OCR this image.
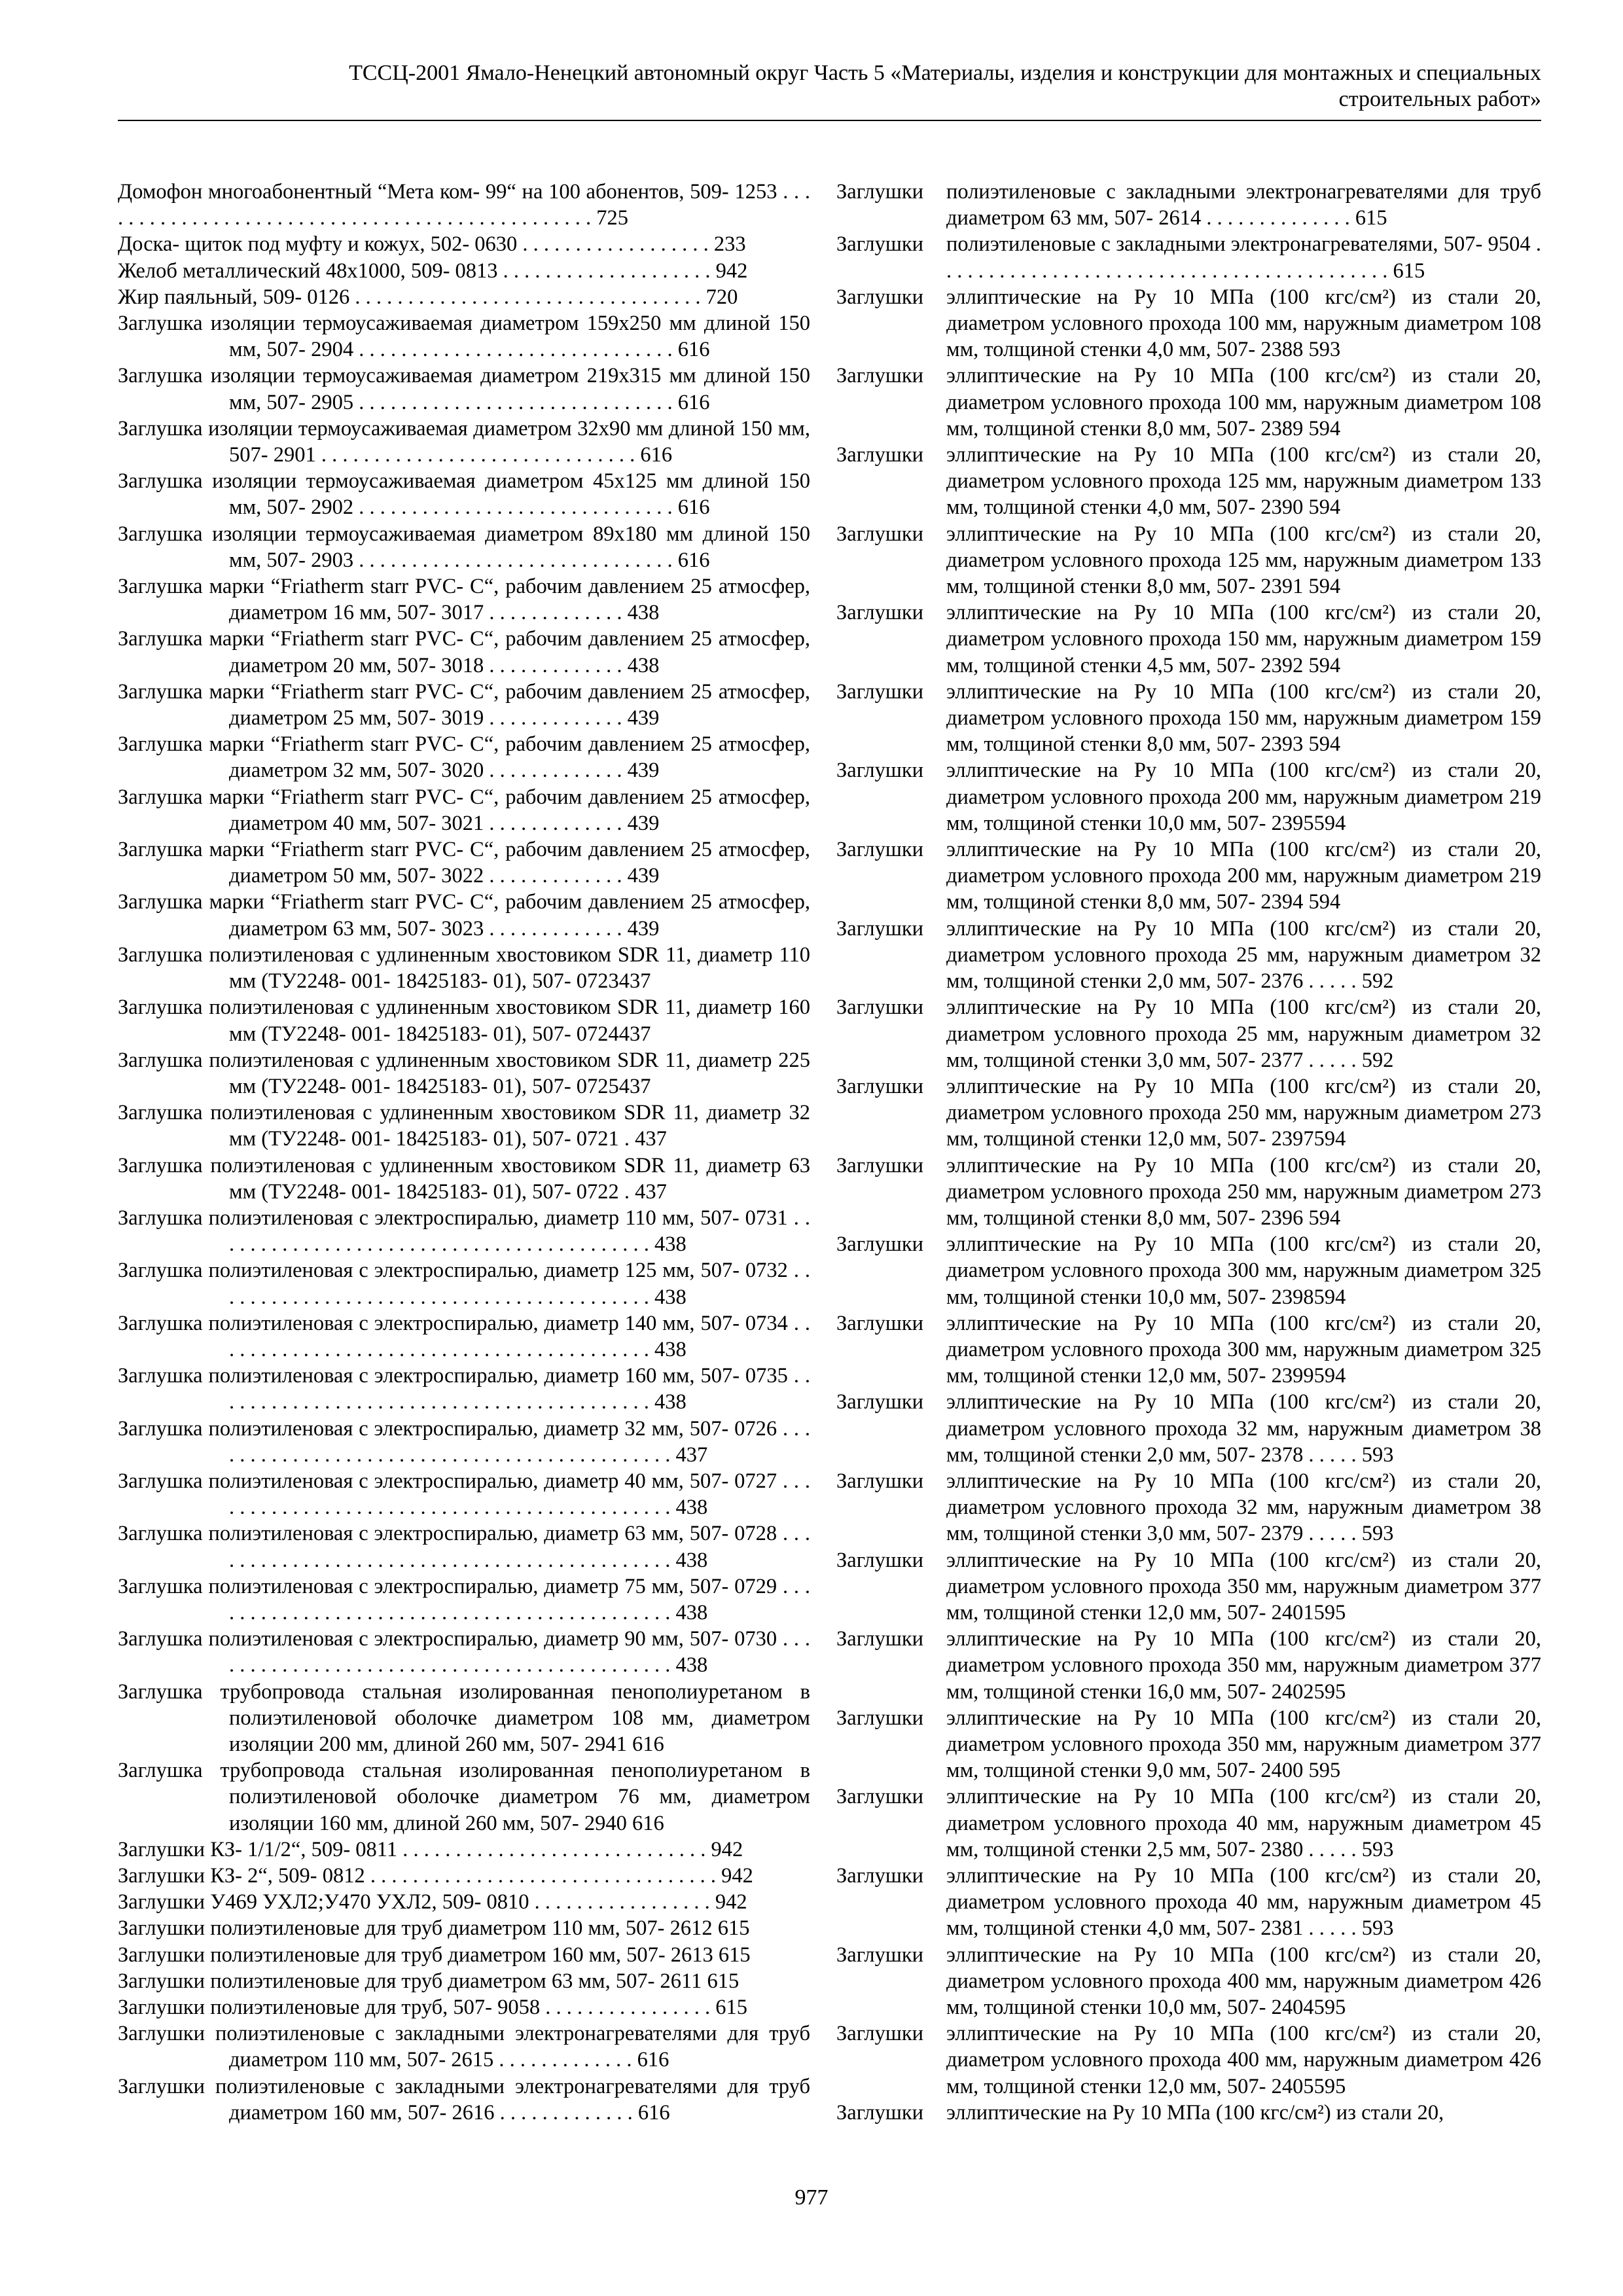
ТССЦ-2001 Ямало-Ненецкий автономный округ Часть 5 «Материалы, изделия и конструкции для монтажных и специальных
строительных работ»
Домофон многоабонентный “Мета ком- 99“ на 100 абонентов, 509- 1253 . . . . . . . . . . . . . . . . . . . . . . . . . . . . . . . . . . . . . . . . . . . . . . . . 725
Доска- щиток под муфту и кожух, 502- 0630 . . . . . . . . . . . . . . . . . . 233
Желоб металлический 48х1000, 509- 0813 . . . . . . . . . . . . . . . . . . . . 942
Жир паяльный, 509- 0126 . . . . . . . . . . . . . . . . . . . . . . . . . . . . . . . . . 720
Заглушка изоляции термоусаживаемая диаметром 159х250 мм длиной 150 мм, 507- 2904 . . . . . . . . . . . . . . . . . . . . . . . . . . . . . . 616
Заглушка изоляции термоусаживаемая диаметром 219х315 мм длиной 150 мм, 507- 2905 . . . . . . . . . . . . . . . . . . . . . . . . . . . . . . 616
Заглушка изоляции термоусаживаемая диаметром 32х90 мм длиной 150 мм, 507- 2901 . . . . . . . . . . . . . . . . . . . . . . . . . . . . . . 616
Заглушка изоляции термоусаживаемая диаметром 45х125 мм длиной 150 мм, 507- 2902 . . . . . . . . . . . . . . . . . . . . . . . . . . . . . . 616
Заглушка изоляции термоусаживаемая диаметром 89х180 мм длиной 150 мм, 507- 2903 . . . . . . . . . . . . . . . . . . . . . . . . . . . . . . 616
Заглушка марки “Friatherm starr PVC- C“, рабочим давлением 25 атмосфер, диаметром 16 мм, 507- 3017 . . . . . . . . . . . . . 438
Заглушка марки “Friatherm starr PVC- C“, рабочим давлением 25 атмосфер, диаметром 20 мм, 507- 3018 . . . . . . . . . . . . . 438
Заглушка марки “Friatherm starr PVC- C“, рабочим давлением 25 атмосфер, диаметром 25 мм, 507- 3019 . . . . . . . . . . . . . 439
Заглушка марки “Friatherm starr PVC- C“, рабочим давлением 25 атмосфер, диаметром 32 мм, 507- 3020 . . . . . . . . . . . . . 439
Заглушка марки “Friatherm starr PVC- C“, рабочим давлением 25 атмосфер, диаметром 40 мм, 507- 3021 . . . . . . . . . . . . . 439
Заглушка марки “Friatherm starr PVC- C“, рабочим давлением 25 атмосфер, диаметром 50 мм, 507- 3022 . . . . . . . . . . . . . 439
Заглушка марки “Friatherm starr PVC- C“, рабочим давлением 25 атмосфер, диаметром 63 мм, 507- 3023 . . . . . . . . . . . . . 439
Заглушка полиэтиленовая с удлиненным хвостовиком SDR 11, диаметр 110 мм (ТУ2248- 001- 18425183- 01), 507- 0723437
Заглушка полиэтиленовая с удлиненным хвостовиком SDR 11, диаметр 160 мм (ТУ2248- 001- 18425183- 01), 507- 0724437
Заглушка полиэтиленовая с удлиненным хвостовиком SDR 11, диаметр 225 мм (ТУ2248- 001- 18425183- 01), 507- 0725437
Заглушка полиэтиленовая с удлиненным хвостовиком SDR 11, диаметр 32 мм (ТУ2248- 001- 18425183- 01), 507- 0721 . 437
Заглушка полиэтиленовая с удлиненным хвостовиком SDR 11, диаметр 63 мм (ТУ2248- 001- 18425183- 01), 507- 0722 . 437
Заглушка полиэтиленовая с электроспиралью, диаметр 110 мм, 507- 0731 . . . . . . . . . . . . . . . . . . . . . . . . . . . . . . . . . . . . . . . . . . 438
Заглушка полиэтиленовая с электроспиралью, диаметр 125 мм, 507- 0732 . . . . . . . . . . . . . . . . . . . . . . . . . . . . . . . . . . . . . . . . . . 438
Заглушка полиэтиленовая с электроспиралью, диаметр 140 мм, 507- 0734 . . . . . . . . . . . . . . . . . . . . . . . . . . . . . . . . . . . . . . . . . . 438
Заглушка полиэтиленовая с электроспиралью, диаметр 160 мм, 507- 0735 . . . . . . . . . . . . . . . . . . . . . . . . . . . . . . . . . . . . . . . . . . 438
Заглушка полиэтиленовая с электроспиралью, диаметр 32 мм, 507- 0726 . . . . . . . . . . . . . . . . . . . . . . . . . . . . . . . . . . . . . . . . . . . . . 437
Заглушка полиэтиленовая с электроспиралью, диаметр 40 мм, 507- 0727 . . . . . . . . . . . . . . . . . . . . . . . . . . . . . . . . . . . . . . . . . . . . . 438
Заглушка полиэтиленовая с электроспиралью, диаметр 63 мм, 507- 0728 . . . . . . . . . . . . . . . . . . . . . . . . . . . . . . . . . . . . . . . . . . . . . 438
Заглушка полиэтиленовая с электроспиралью, диаметр 75 мм, 507- 0729 . . . . . . . . . . . . . . . . . . . . . . . . . . . . . . . . . . . . . . . . . . . . . 438
Заглушка полиэтиленовая с электроспиралью, диаметр 90 мм, 507- 0730 . . . . . . . . . . . . . . . . . . . . . . . . . . . . . . . . . . . . . . . . . . . . . 438
Заглушка трубопровода стальная изолированная пенополиуретаном в полиэтиленовой оболочке диаметром 108 мм, диаметром изоляции 200 мм, длиной 260 мм, 507- 2941 616
Заглушка трубопровода стальная изолированная пенополиуретаном в полиэтиленовой оболочке диаметром 76 мм, диаметром изоляции 160 мм, длиной 260 мм, 507- 2940 616
Заглушки КЗ- 1/1/2“, 509- 0811 . . . . . . . . . . . . . . . . . . . . . . . . . . . . . 942
Заглушки КЗ- 2“, 509- 0812 . . . . . . . . . . . . . . . . . . . . . . . . . . . . . . . . . 942
Заглушки У469 УХЛ2;У470 УХЛ2, 509- 0810 . . . . . . . . . . . . . . . . . 942
Заглушки полиэтиленовые для труб диаметром 110 мм, 507- 2612 615
Заглушки полиэтиленовые для труб диаметром 160 мм, 507- 2613 615
Заглушки полиэтиленовые для труб диаметром 63 мм, 507- 2611 615
Заглушки полиэтиленовые для труб, 507- 9058 . . . . . . . . . . . . . . . . 615
Заглушки полиэтиленовые с закладными электронагревателями для труб диаметром 110 мм, 507- 2615 . . . . . . . . . . . . . 616
Заглушки полиэтиленовые с закладными электронагревателями для труб диаметром 160 мм, 507- 2616 . . . . . . . . . . . . . 616
Заглушки	полиэтиленовые с закладными электронагревателями для труб диаметром 63 мм, 507- 2614 . . . . . . . . . . . . . . 615
Заглушки	полиэтиленовые с закладными электронагревателями, 507- 9504 . . . . . . . . . . . . . . . . . . . . . . . . . . . . . . . . . . . . . . . . . . . 615
Заглушки	эллиптические на Ру 10 МПа (100 кгс/см²) из стали 20, диаметром условного прохода 100 мм, наружным диаметром 108 мм, толщиной стенки 4,0 мм, 507- 2388 593
Заглушки	эллиптические на Ру 10 МПа (100 кгс/см²) из стали 20, диаметром условного прохода 100 мм, наружным диаметром 108 мм, толщиной стенки 8,0 мм, 507- 2389 594
Заглушки	эллиптические на Ру 10 МПа (100 кгс/см²) из стали 20, диаметром условного прохода 125 мм, наружным диаметром 133 мм, толщиной стенки 4,0 мм, 507- 2390 594
Заглушки	эллиптические на Ру 10 МПа (100 кгс/см²) из стали 20, диаметром условного прохода 125 мм, наружным диаметром 133 мм, толщиной стенки 8,0 мм, 507- 2391 594
Заглушки	эллиптические на Ру 10 МПа (100 кгс/см²) из стали 20, диаметром условного прохода 150 мм, наружным диаметром 159 мм, толщиной стенки 4,5 мм, 507- 2392 594
Заглушки	эллиптические на Ру 10 МПа (100 кгс/см²) из стали 20, диаметром условного прохода 150 мм, наружным диаметром 159 мм, толщиной стенки 8,0 мм, 507- 2393 594
Заглушки	эллиптические на Ру 10 МПа (100 кгс/см²) из стали 20, диаметром условного прохода 200 мм, наружным диаметром 219 мм, толщиной стенки 10,0 мм, 507- 2395594
Заглушки	эллиптические на Ру 10 МПа (100 кгс/см²) из стали 20, диаметром условного прохода 200 мм, наружным диаметром 219 мм, толщиной стенки 8,0 мм, 507- 2394 594
Заглушки	эллиптические на Ру 10 МПа (100 кгс/см²) из стали 20, диаметром условного прохода 25 мм, наружным диаметром 32 мм, толщиной стенки 2,0 мм, 507- 2376 . . . . . 592
Заглушки	эллиптические на Ру 10 МПа (100 кгс/см²) из стали 20, диаметром условного прохода 25 мм, наружным диаметром 32 мм, толщиной стенки 3,0 мм, 507- 2377 . . . . . 592
Заглушки	эллиптические на Ру 10 МПа (100 кгс/см²) из стали 20, диаметром условного прохода 250 мм, наружным диаметром 273 мм, толщиной стенки 12,0 мм, 507- 2397594
Заглушки	эллиптические на Ру 10 МПа (100 кгс/см²) из стали 20, диаметром условного прохода 250 мм, наружным диаметром 273 мм, толщиной стенки 8,0 мм, 507- 2396 594
Заглушки	эллиптические на Ру 10 МПа (100 кгс/см²) из стали 20, диаметром условного прохода 300 мм, наружным диаметром 325 мм, толщиной стенки 10,0 мм, 507- 2398594
Заглушки	эллиптические на Ру 10 МПа (100 кгс/см²) из стали 20, диаметром условного прохода 300 мм, наружным диаметром 325 мм, толщиной стенки 12,0 мм, 507- 2399594
Заглушки	эллиптические на Ру 10 МПа (100 кгс/см²) из стали 20, диаметром условного прохода 32 мм, наружным диаметром 38 мм, толщиной стенки 2,0 мм, 507- 2378 . . . . . 593
Заглушки	эллиптические на Ру 10 МПа (100 кгс/см²) из стали 20, диаметром условного прохода 32 мм, наружным диаметром 38 мм, толщиной стенки 3,0 мм, 507- 2379 . . . . . 593
Заглушки	эллиптические на Ру 10 МПа (100 кгс/см²) из стали 20, диаметром условного прохода 350 мм, наружным диаметром 377 мм, толщиной стенки 12,0 мм, 507- 2401595
Заглушки	эллиптические на Ру 10 МПа (100 кгс/см²) из стали 20, диаметром условного прохода 350 мм, наружным диаметром 377 мм, толщиной стенки 16,0 мм, 507- 2402595
Заглушки	эллиптические на Ру 10 МПа (100 кгс/см²) из стали 20, диаметром условного прохода 350 мм, наружным диаметром 377 мм, толщиной стенки 9,0 мм, 507- 2400 595
Заглушки	эллиптические на Ру 10 МПа (100 кгс/см²) из стали 20, диаметром условного прохода 40 мм, наружным диаметром 45 мм, толщиной стенки 2,5 мм, 507- 2380 . . . . . 593
Заглушки	эллиптические на Ру 10 МПа (100 кгс/см²) из стали 20, диаметром условного прохода 40 мм, наружным диаметром 45 мм, толщиной стенки 4,0 мм, 507- 2381 . . . . . 593
Заглушки	эллиптические на Ру 10 МПа (100 кгс/см²) из стали 20, диаметром условного прохода 400 мм, наружным диаметром 426 мм, толщиной стенки 10,0 мм, 507- 2404595
Заглушки	эллиптические на Ру 10 МПа (100 кгс/см²) из стали 20, диаметром условного прохода 400 мм, наружным диаметром 426 мм, толщиной стенки 12,0 мм, 507- 2405595
Заглушки	эллиптические на Ру 10 МПа (100 кгс/см²) из стали 20,
977
